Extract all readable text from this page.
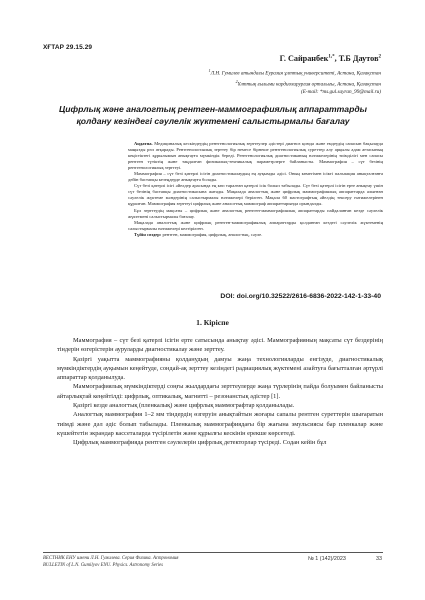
ХҒТАР 29.15.29
Г. Сайранбек$^{1,*}$, Т.Б Даутов$^2$
$^1$Л.Н. Гумилев атындағы Еуразия ұлттық университеті, Астана, Қазақстан
$^2$Ұлттық ғылыми кардиохирургия орталығы, Астана, Қазақстан
(E-mail: *ms.gul.sayran_99@mail.ru)
Цифрлық және аналогтық рентген-маммографиялық аппараттарды қолдану кезіндегі сәулелік жүктемені салыстырмалы бағалау

Аңдатпа. Медициналық кескіндеудің рентгенологиялық зерттеулер әдістері диагноз қоюда және емдеудің сапасын бақылауда маңызды рөл атқарады. Рентгенологиялық зерттеу бір немесе бірнеше рентгенологиялық суреттер алу арқылы адам ағзасының кеңістіктегі құрылымын анықтауға мүмкіндік береді. Рентгенологиялық диагностиканың нәтижелерінің тиімділігі мен сапасы рентген түтіктің және таңдалған физикалық-техникалық параметрлерге байланысты. Маммография – сүт безінің рентгенологиялық зерттеуі.

Маммография – сүт безі қатерлі ісігін диагностикалаудың ең ауқымды әдісі. Оның көмегімен ісікті пальпация анықталғанға дейін бастапқы кезеңдерде анықтауға болады.

Сүт безі қатерлі ісігі әйелдер арасында ең көп таралған қатерлі ісік болып табылады. Сүт безі қатерлі ісігін ерте анықтау үшін сүт безінің бастапқы диагностикасына жатады. Мақалада аналогтық және цифрлық маммографиялық аппараттарда алынған сәулелік жүктеме мәндерінің салыстырмалы нәтижелері берілген. Мақала 60 мастографтың әйелдің тексеру нәтижелерінен құралған. Маммография зерттеуі цифрлық және аналогтық маммограф аппараттарында орындалды.

Бұл зерттеудің мақсаты – цифрлық және аналогтық рентген-маммографиялық аппараттарды пайдаланған кезде сәулелік жүктемені салыстырмалы бағалау.

Мақалада аналогтық және цифрлық рентген-маммографиялық аппараттарды қолданған кездегі сәулелік жүктеменің салыстырмалы нәтижелері келтірілген.

Түйін сөздер: рентген, маммография, цифрлық, аналогтық, сәуле.

DOI: doi.org/10.32522/2616-6836-2022-142-1-33-40
1. Кіріспе

Маммография – сүт безі қатерлі ісігін ерте сатысында анықтау әдісі. Маммографияның мақсаты сүт бездерінің тіндерін өзгерістерін ауруларды диагностикалау және зерттеу.

Қазіргі уақытта маммографияны қолданудың дамуы жаңа технологияларды енгізуде, диагностикалық мүмкіндіктердің ауқымын кеңейтуде, сондай-ақ зерттеу кезіндегі радиациялық жүктемені азайтуға бағытталған әртүрлі аппараттар қолданылуда.

Маммографиялық мүмкіндіктерді соңғы жылдардағы зерттеулерде жаңа түрлерінің пайда болуымен байланысты айтарлықтай кеңейтілді: цифрлық, оптикалық, магнитті – резонанстық әдістер [1].

Қазіргі кезде аналогтық (пленкалық) және цифрлық маммографтар қолданылады.

Аналогтық маммография 1–2 мм тіндердің өзгеруін анықтайтын жоғары сапалы рентген суреттерін шығаратын тиімді және дәл әдіс болып табылады. Пленкалық маммографиядағы бір жағына эмульсиясы бар пленкалар және күшейтетін экрандар кассеталарда түсірілетін және құрылғы кескінін ерекше көрсетеді.

Цифрлық маммографияда рентген сәулелерін цифрлық детекторлар түсіреді. Содан кейін бұл

ВЕСТНИК ЕНУ имени Л.Н. Гумилева. Серия Физика. Астрономия
BULLETIN of L.N. Gumilyov ENU. Physics. Astronomy Series
№ 1 (142)/2023	33
